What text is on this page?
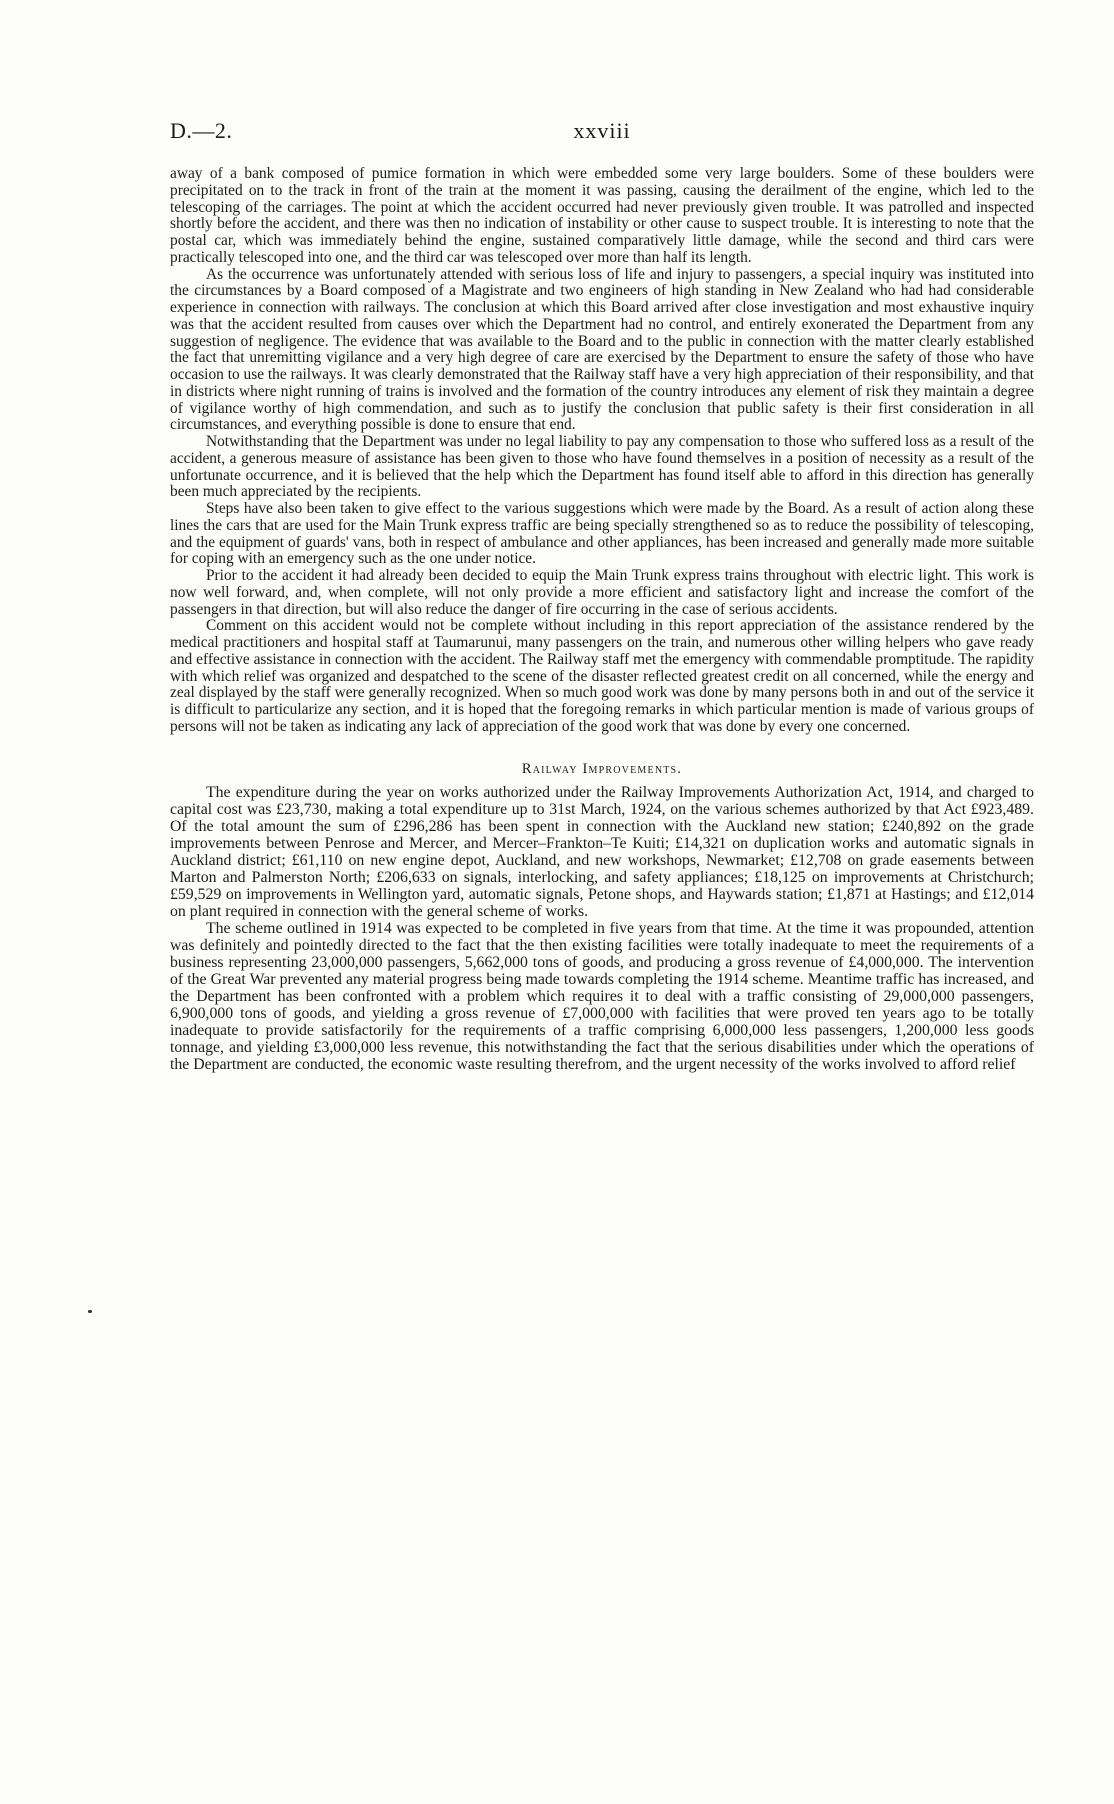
D.—2.	xxviii

away of a bank composed of pumice formation in which were embedded some very large boulders. Some of these boulders were precipitated on to the track in front of the train at the moment it was passing, causing the derailment of the engine, which led to the telescoping of the carriages. The point at which the accident occurred had never previously given trouble. It was patrolled and inspected shortly before the accident, and there was then no indication of instability or other cause to suspect trouble. It is interesting to note that the postal car, which was immediately behind the engine, sustained comparatively little damage, while the second and third cars were practically telescoped into one, and the third car was telescoped over more than half its length.

As the occurrence was unfortunately attended with serious loss of life and injury to passengers, a special inquiry was instituted into the circumstances by a Board composed of a Magistrate and two engineers of high standing in New Zealand who had had considerable experience in connection with railways. The conclusion at which this Board arrived after close investigation and most exhaustive inquiry was that the accident resulted from causes over which the Department had no control, and entirely exonerated the Department from any suggestion of negligence. The evidence that was available to the Board and to the public in connection with the matter clearly established the fact that unremitting vigilance and a very high degree of care are exercised by the Department to ensure the safety of those who have occasion to use the railways. It was clearly demonstrated that the Railway staff have a very high appreciation of their responsibility, and that in districts where night running of trains is involved and the formation of the country introduces any element of risk they maintain a degree of vigilance worthy of high commendation, and such as to justify the conclusion that public safety is their first consideration in all circumstances, and everything possible is done to ensure that end.

Notwithstanding that the Department was under no legal liability to pay any compensation to those who suffered loss as a result of the accident, a generous measure of assistance has been given to those who have found themselves in a position of necessity as a result of the unfortunate occurrence, and it is believed that the help which the Department has found itself able to afford in this direction has generally been much appreciated by the recipients.

Steps have also been taken to give effect to the various suggestions which were made by the Board. As a result of action along these lines the cars that are used for the Main Trunk express traffic are being specially strengthened so as to reduce the possibility of telescoping, and the equipment of guards' vans, both in respect of ambulance and other appliances, has been increased and generally made more suitable for coping with an emergency such as the one under notice.

Prior to the accident it had already been decided to equip the Main Trunk express trains throughout with electric light. This work is now well forward, and, when complete, will not only provide a more efficient and satisfactory light and increase the comfort of the passengers in that direction, but will also reduce the danger of fire occurring in the case of serious accidents.

Comment on this accident would not be complete without including in this report appreciation of the assistance rendered by the medical practitioners and hospital staff at Taumarunui, many passengers on the train, and numerous other willing helpers who gave ready and effective assistance in connection with the accident. The Railway staff met the emergency with commendable promptitude. The rapidity with which relief was organized and despatched to the scene of the disaster reflected greatest credit on all concerned, while the energy and zeal displayed by the staff were generally recognized. When so much good work was done by many persons both in and out of the service it is difficult to particularize any section, and it is hoped that the foregoing remarks in which particular mention is made of various groups of persons will not be taken as indicating any lack of appreciation of the good work that was done by every one concerned.

Railway Improvements.

The expenditure during the year on works authorized under the Railway Improvements Authorization Act, 1914, and charged to capital cost was £23,730, making a total expenditure up to 31st March, 1924, on the various schemes authorized by that Act £923,489. Of the total amount the sum of £296,286 has been spent in connection with the Auckland new station; £240,892 on the grade improvements between Penrose and Mercer, and Mercer–Frankton–Te Kuiti; £14,321 on duplication works and automatic signals in Auckland district; £61,110 on new engine depot, Auckland, and new workshops, Newmarket; £12,708 on grade easements between Marton and Palmerston North; £206,633 on signals, interlocking, and safety appliances; £18,125 on improvements at Christchurch; £59,529 on improvements in Wellington yard, automatic signals, Petone shops, and Haywards station; £1,871 at Hastings; and £12,014 on plant required in connection with the general scheme of works.

The scheme outlined in 1914 was expected to be completed in five years from that time. At the time it was propounded, attention was definitely and pointedly directed to the fact that the then existing facilities were totally inadequate to meet the requirements of a business representing 23,000,000 passengers, 5,662,000 tons of goods, and producing a gross revenue of £4,000,000. The intervention of the Great War prevented any material progress being made towards completing the 1914 scheme. Meantime traffic has increased, and the Department has been confronted with a problem which requires it to deal with a traffic consisting of 29,000,000 passengers, 6,900,000 tons of goods, and yielding a gross revenue of £7,000,000 with facilities that were proved ten years ago to be totally inadequate to provide satisfactorily for the requirements of a traffic comprising 6,000,000 less passengers, 1,200,000 less goods tonnage, and yielding £3,000,000 less revenue, this notwithstanding the fact that the serious disabilities under which the operations of the Department are conducted, the economic waste resulting therefrom, and the urgent necessity of the works involved to afford relief
